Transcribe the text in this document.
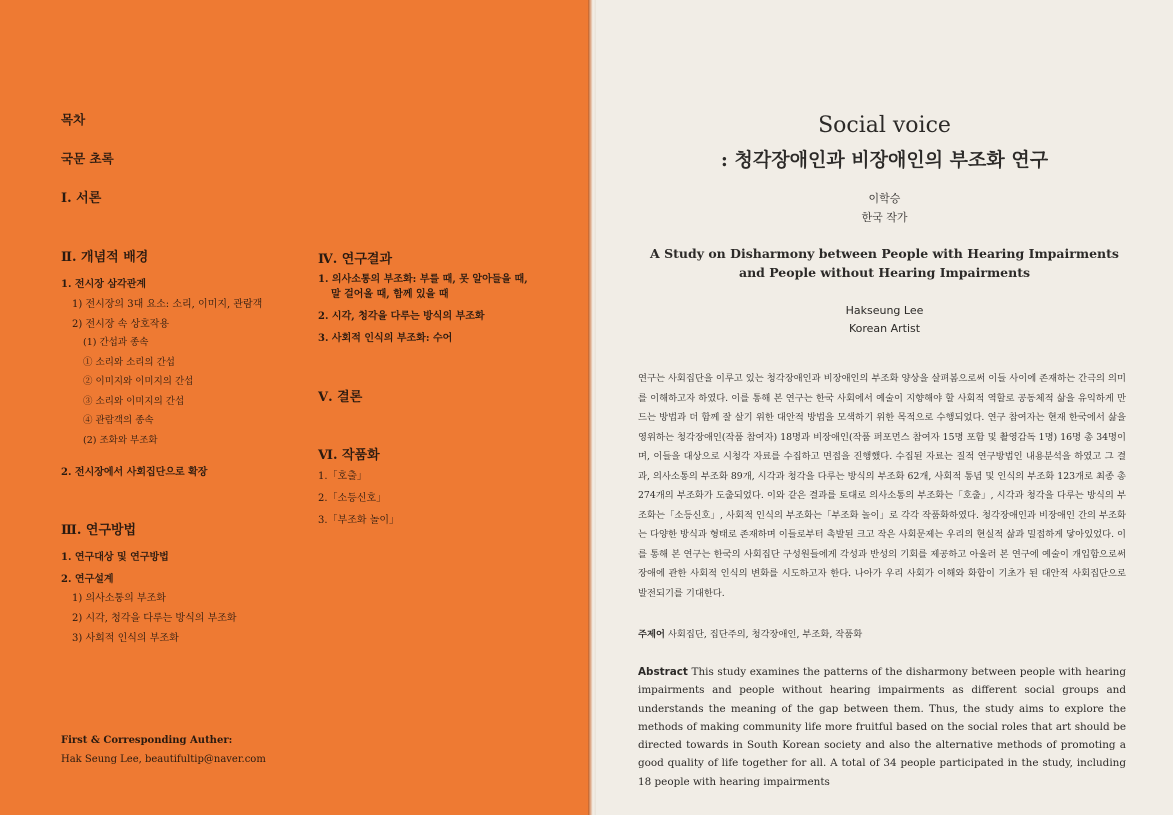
목차
국문 초록
Ⅰ. 서론
Ⅱ. 개념적 배경
1. 전시장 삼각관계
1) 전시장의 3대 요소: 소리, 이미지, 관람객
2) 전시장 속 상호작용
(1) 간섭과 종속
① 소리와 소리의 간섭
② 이미지와 이미지의 간섭
③ 소리와 이미지의 간섭
④ 관람객의 종속
(2) 조화와 부조화
2. 전시장에서 사회집단으로 확장
Ⅲ. 연구방법
1. 연구대상 및 연구방법
2. 연구설계
1) 의사소통의 부조화
2) 시각, 청각을 다루는 방식의 부조화
3) 사회적 인식의 부조화
Ⅳ. 연구결과
1. 의사소통의 부조화: 부를 때, 못 알아들을 때,
말 걸어올 때, 함께 있을 때
2. 시각, 청각을 다루는 방식의 부조화
3. 사회적 인식의 부조화: 수어
Ⅴ. 결론
Ⅵ. 작품화
1.「호출」
2.「소등신호」
3.「부조화 놀이」
First & Corresponding Auther:
Hak Seung Lee, beautifultip@naver.com
Social voice
: 청각장애인과 비장애인의 부조화 연구
이학승
한국 작가
A Study on Disharmony between People with Hearing Impairments
and People without Hearing Impairments
Hakseung Lee
Korean Artist
연구는 사회집단을 이루고 있는 청각장애인과 비장애인의 부조화 양상을 살펴봄으로써 이들 사이에 존재하는 간극의 의미를 이해하고자 하였다. 이를 통해 본 연구는 한국 사회에서 예술이 지향해야 할 사회적 역할로 공동체적 삶을 유익하게 만드는 방법과 더 함께 잘 살기 위한 대안적 방법을 모색하기 위한 목적으로 수행되었다. 연구 참여자는 현재 한국에서 삶을 영위하는 청각장애인(작품 참여자) 18명과 비장애인(작품 퍼포먼스 참여자 15명 포함 및 촬영감독 1명) 16명 총 34명이며, 이들을 대상으로 시청각 자료를 수집하고 면접을 진행했다. 수집된 자료는 질적 연구방법인 내용분석을 하였고 그 결과, 의사소통의 부조화 89개, 시각과 청각을 다루는 방식의 부조화 62개, 사회적 통념 및 인식의 부조화 123개로 최종 총 274개의 부조화가 도출되었다. 이와 같은 결과를 토대로 의사소통의 부조화는「호출」, 시각과 청각을 다루는 방식의 부조화는「소등신호」, 사회적 인식의 부조화는「부조화 놀이」로 각각 작품화하였다. 청각장애인과 비장애인 간의 부조화는 다양한 방식과 형태로 존재하며 이들로부터 촉발된 크고 작은 사회문제는 우리의 현실적 삶과 밀접하게 닿아있었다. 이를 통해 본 연구는 한국의 사회집단 구성원들에게 각성과 반성의 기회를 제공하고 아울러 본 연구에 예술이 개입함으로써 장애에 관한 사회적 인식의 변화를 시도하고자 한다. 나아가 우리 사회가 이해와 화합이 기초가 된 대안적 사회집단으로 발전되기를 기대한다.
주제어 사회집단, 집단주의, 청각장애인, 부조화, 작품화
Abstract This study examines the patterns of the disharmony between people with hearing impairments and people without hearing impairments as different social groups and understands the meaning of the gap between them. Thus, the study aims to explore the methods of making community life more fruitful based on the social roles that art should be directed towards in South Korean society and also the alternative methods of promoting a good quality of life together for all. A total of 34 people participated in the study, including 18 people with hearing impairments
